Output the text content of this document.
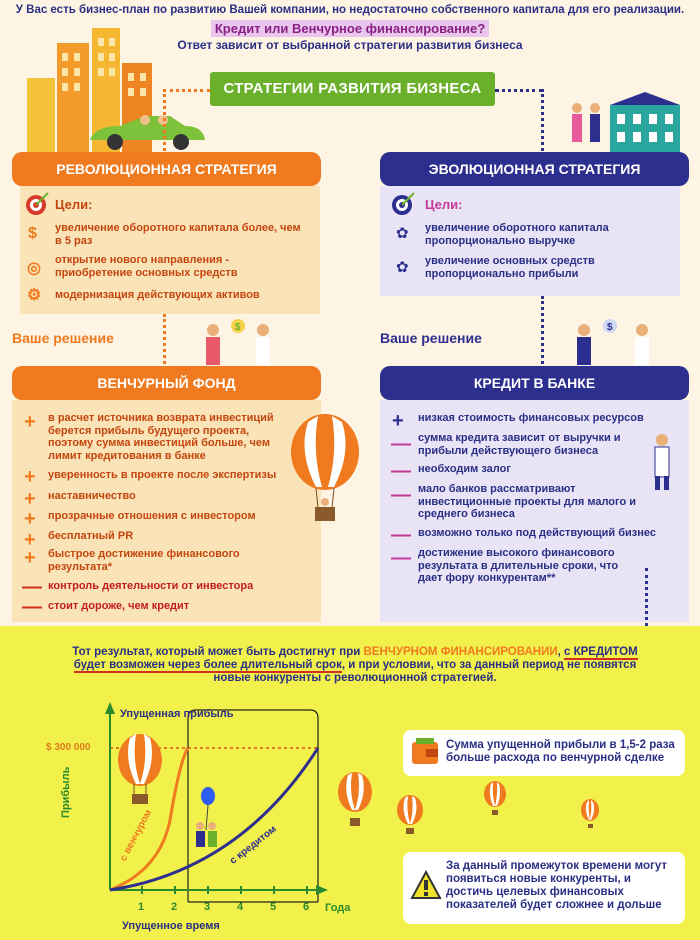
У Вас есть бизнес-план по развитию Вашей компании, но недостаточно собственного капитала для его реализации.
Кредит или Венчурное финансирование?
Ответ зависит от выбранной стратегии развития бизнеса
СТРАТЕГИИ РАЗВИТИЯ БИЗНЕСА
РЕВОЛЮЦИОННАЯ СТРАТЕГИЯ
Цели:
$ увеличение оборотного капитала более, чем в 5 раз
◎ открытие нового направления - приобретение основных средств
⚙ модернизация действующих активов
Ваше решение
$
ВЕНЧУРНЫЙ ФОНД
+ в расчет источника возврата инвестиций берется прибыль будущего проекта, поэтому сумма инвестиций больше, чем лимит кредитования в банке
+ уверенность в проекте после экспертизы
+ наставничество
+ прозрачные отношения с инвестором
+ бесплатный PR
+ быстрое достижение финансового результата*
— контроль деятельности от инвестора
— стоит дороже, чем кредит
ЭВОЛЮЦИОННАЯ СТРАТЕГИЯ
Цели:
✿ увеличение оборотного капитала пропорционально выручке
✿ увеличение основных средств пропорционально прибыли
Ваше решение
$
КРЕДИТ В БАНКЕ
+ низкая стоимость финансовых ресурсов
— сумма кредита зависит от выручки и прибыли действующего бизнеса
— необходим залог
— мало банков рассматривают инвестиционные проекты для малого и среднего бизнеса
— возможно только под действующий бизнес
— достижение высокого финансового результата в длительные сроки, что дает фору конкурентам**
Тот результат, который может быть достигнут при ВЕНЧУРНОМ ФИНАНСИРОВАНИИ, с КРЕДИТОМ будет возможен через более длительный срок, и при условии, что за данный период не появятся новые конкуренты с революционной стратегией.
Упущенная прибыль
$ 300 000
Прибыль
Года
1 2 3 4 5 6
Упущенное время
с венчуром	с кредитом
Сумма упущенной прибыли в 1,5-2 раза больше расхода по венчурной сделке
За данный промежуток времени могут появиться новые конкуренты, и достичь целевых финансовых показателей будет сложнее и дольше
